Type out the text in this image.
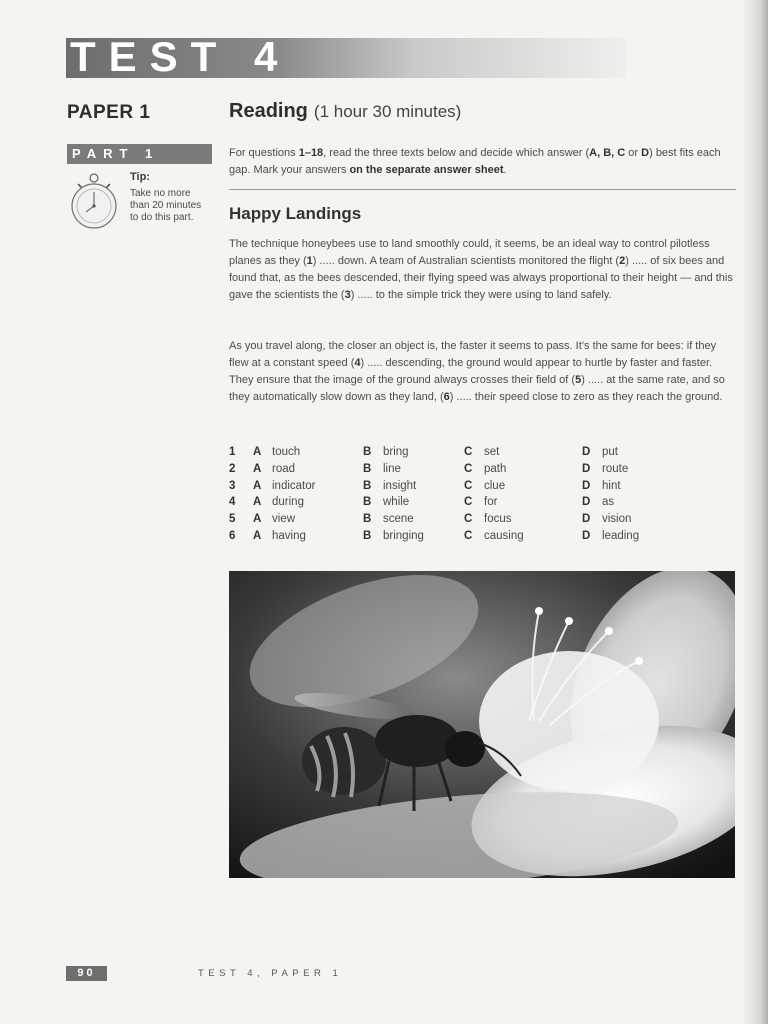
TEST 4
PAPER 1
PART 1
Tip:
Take no more than 20 minutes to do this part.
Reading (1 hour 30 minutes)
For questions 1–18, read the three texts below and decide which answer (A, B, C or D) best fits each gap. Mark your answers on the separate answer sheet.
Happy Landings
The technique honeybees use to land smoothly could, it seems, be an ideal way to control pilotless planes as they (1) ..... down. A team of Australian scientists monitored the flight (2) ..... of six bees and found that, as the bees descended, their flying speed was always proportional to their height — and this gave the scientists the (3) ..... to the simple trick they were using to land safely.
As you travel along, the closer an object is, the faster it seems to pass. It’s the same for bees: if they flew at a constant speed (4) ..... descending, the ground would appear to hurtle by faster and faster. They ensure that the image of the ground always crosses their field of (5) ..... at the same rate, and so they automatically slow down as they land, (6) ..... their speed close to zero as they reach the ground.
1 A touch	B bring	C set	D put
2 A road	B line	C path	D route
3 A indicator	B insight	C clue	D hint
4 A during	B while	C for	D as
5 A view	B scene	C focus	D vision
6 A having	B bringing	C causing	D leading
90	TEST 4, PAPER 1
